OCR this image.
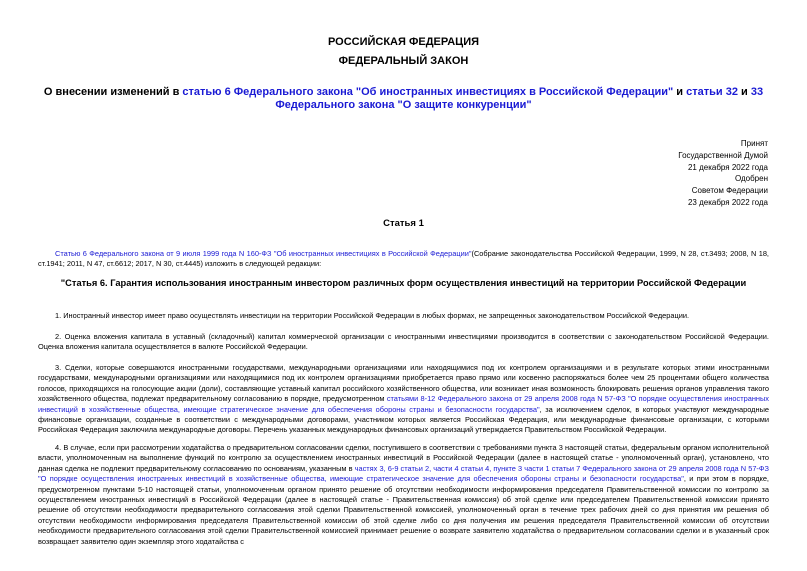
РОССИЙСКАЯ ФЕДЕРАЦИЯ
ФЕДЕРАЛЬНЫЙ ЗАКОН
О внесении изменений в статью 6 Федерального закона "Об иностранных инвестициях в Российской Федерации" и статьи 32 и 33 Федерального закона "О защите конкуренции"
Принят
Государственной Думой
21 декабря 2022 года
Одобрен
Советом Федерации
23 декабря 2022 года
Статья 1
Статью 6 Федерального закона от 9 июля 1999 года N 160-ФЗ "Об иностранных инвестициях в Российской Федерации"(Собрание законодательства Российской Федерации, 1999, N 28, ст.3493; 2008, N 18, ст.1941; 2011, N 47, ст.6612; 2017, N 30, ст.4445) изложить в следующей редакции:
"Статья 6. Гарантия использования иностранным инвестором различных форм осуществления инвестиций на территории Российской Федерации
1. Иностранный инвестор имеет право осуществлять инвестиции на территории Российской Федерации в любых формах, не запрещенных законодательством Российской Федерации.
2. Оценка вложения капитала в уставный (складочный) капитал коммерческой организации с иностранными инвестициями производится в соответствии с законодательством Российской Федерации. Оценка вложения капитала осуществляется в валюте Российской Федерации.
3. Сделки, которые совершаются иностранными государствами, международными организациями или находящимися под их контролем организациями и в результате которых этими иностранными государствами, международными организациями или находящимися под их контролем организациями приобретается право прямо или косвенно распоряжаться более чем 25 процентами общего количества голосов, приходящихся на голосующие акции (доли), составляющие уставный капитал российского хозяйственного общества, или возникает иная возможность блокировать решения органов управления такого хозяйственного общества, подлежат предварительному согласованию в порядке, предусмотренном статьями 8-12 Федерального закона от 29 апреля 2008 года N 57-ФЗ "О порядке осуществления иностранных инвестиций в хозяйственные общества, имеющие стратегическое значение для обеспечения обороны страны и безопасности государства", за исключением сделок, в которых участвуют международные финансовые организации, созданные в соответствии с международными договорами, участником которых является Российская Федерация, или международные финансовые организации, с которыми Российская Федерация заключила международные договоры. Перечень указанных международных финансовых организаций утверждается Правительством Российской Федерации.
4. В случае, если при рассмотрении ходатайства о предварительном согласовании сделки, поступившего в соответствии с требованиями пункта 3 настоящей статьи, федеральным органом исполнительной власти, уполномоченным на выполнение функций по контролю за осуществлением иностранных инвестиций в Российской Федерации (далее в настоящей статье - уполномоченный орган), установлено, что данная сделка не подлежит предварительному согласованию по основаниям, указанным в частях 3, 6-9 статьи 2, части 4 статьи 4, пункте 3 части 1 статьи 7 Федерального закона от 29 апреля 2008 года N 57-ФЗ "О порядке осуществления иностранных инвестиций в хозяйственные общества, имеющие стратегическое значение для обеспечения обороны страны и безопасности государства", и при этом в порядке, предусмотренном пунктами 5-10 настоящей статьи, уполномоченным органом принято решение об отсутствии необходимости информирования председателя Правительственной комиссии по контролю за осуществлением иностранных инвестиций в Российской Федерации (далее в настоящей статье - Правительственная комиссия) об этой сделке или председателем Правительственной комиссии принято решение об отсутствии необходимости предварительного согласования этой сделки Правительственной комиссией, уполномоченный орган в течение трех рабочих дней со дня принятия им решения об отсутствии необходимости информирования председателя Правительственной комиссии об этой сделке либо со дня получения им решения председателя Правительственной комиссии об отсутствии необходимости предварительного согласования этой сделки Правительственной комиссией принимает решение о возврате заявителю ходатайства о предварительном согласовании сделки и в указанный срок возвращает заявителю один экземпляр этого ходатайства с
